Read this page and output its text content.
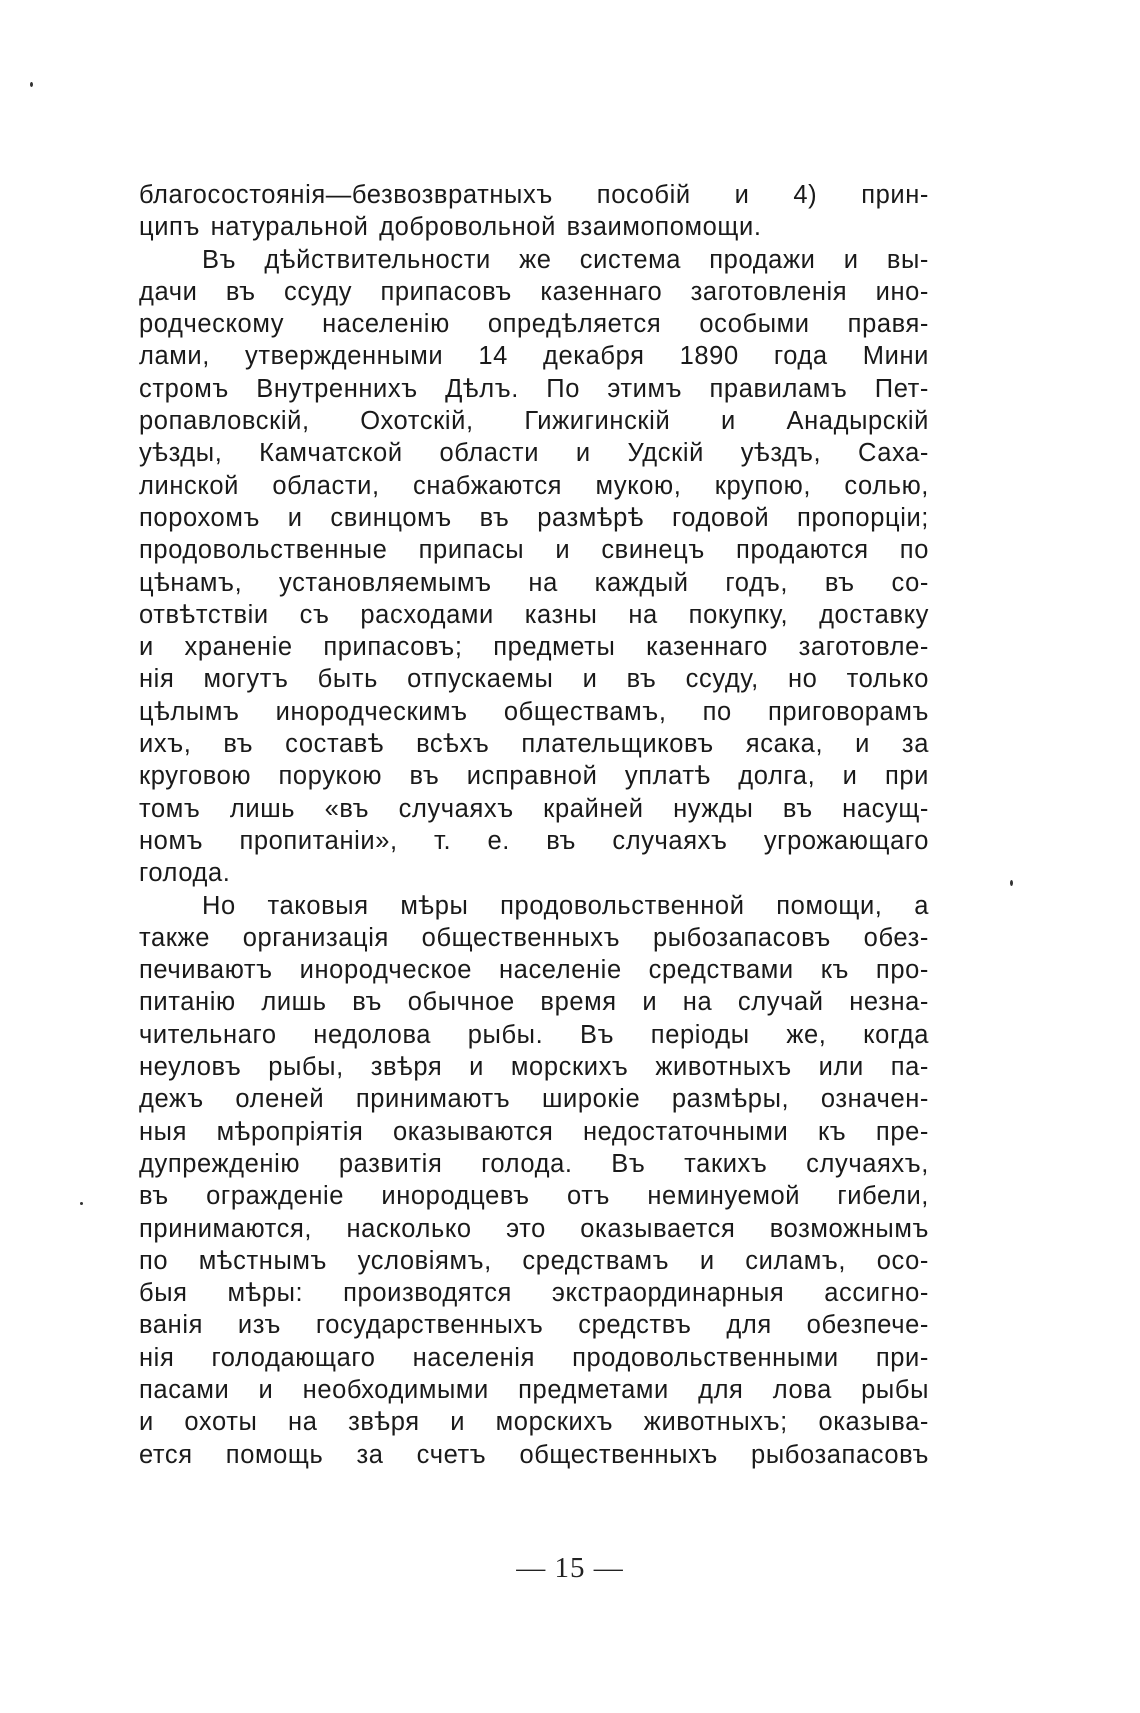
благосостоянія—безвозвратныхъ пособій и 4) прин-
ципъ натуральной добровольной взаимопомощи.
Въ дѣйствительности же система продажи и вы-
дачи въ ссуду припасовъ казеннаго заготовленія ино-
родческому населенію опредѣляется особыми правя-
лами, утвержденными 14 декабря 1890 года Мини
стромъ Внутреннихъ Дѣлъ. По этимъ правиламъ Пет-
ропавловскій, Охотскій, Гижигинскій и Анадырскій
уѣзды, Камчатской области и Удскій уѣздъ, Саха-
линской области, снабжаются мукою, крупою, солью,
порохомъ и свинцомъ въ размѣрѣ годовой пропорціи;
продовольственные припасы и свинецъ продаются по
цѣнамъ, установляемымъ на каждый годъ, въ со-
отвѣтствіи съ расходами казны на покупку, доставку
и храненіе припасовъ; предметы казеннаго заготовле-
нія могутъ быть отпускаемы и въ ссуду, но только
цѣлымъ инородческимъ обществамъ, по приговорамъ
ихъ, въ составѣ всѣхъ плательщиковъ ясака, и за
круговою порукою въ исправной уплатѣ долга, и при
томъ лишь «въ случаяхъ крайней нужды въ насущ-
номъ пропитаніи», т. е. въ случаяхъ угрожающаго
голода.
Но таковыя мѣры продовольственной помощи, а
также организація общественныхъ рыбозапасовъ обез-
печиваютъ инородческое населеніе средствами къ про-
питанію лишь въ обычное время и на случай незна-
чительнаго недолова рыбы. Въ періоды же, когда
неуловъ рыбы, звѣря и морскихъ животныхъ или па-
дежъ оленей принимаютъ широкіе размѣры, означен-
ныя мѣропріятія оказываются недостаточными къ пре-
дупрежденію развитія голода. Въ такихъ случаяхъ,
въ огражденіе инородцевъ отъ неминуемой гибели,
принимаются, насколько это оказывается возможнымъ
по мѣстнымъ условіямъ, средствамъ и силамъ, осо-
быя мѣры: производятся экстраординарныя ассигно-
ванія изъ государственныхъ средствъ для обезпече-
нія голодающаго населенія продовольственными при-
пасами и необходимыми предметами для лова рыбы
и охоты на звѣря и морскихъ животныхъ; оказыва-
ется помощь за счетъ общественныхъ рыбозапасовъ
— 15 —
